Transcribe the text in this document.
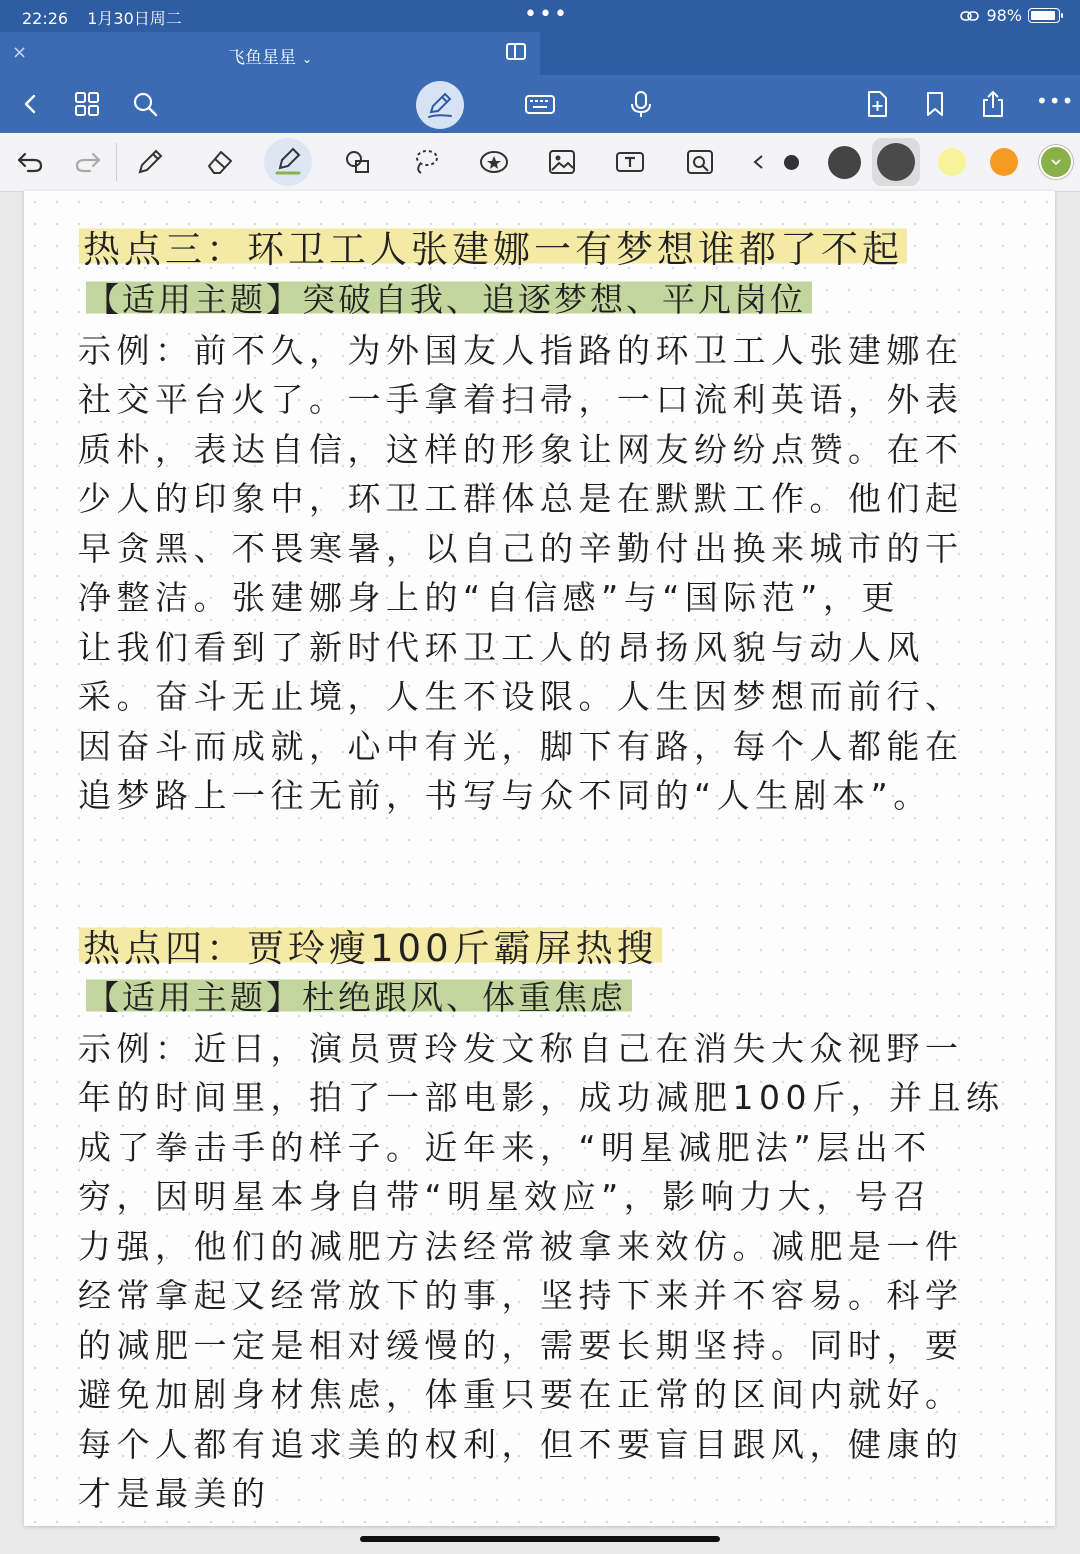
22:26 1月30日周二	•••	98%
×	飞鱼星星 ⌄
•••
热点三：环卫工人张建娜一有梦想谁都了不起
【适用主题】突破自我、追逐梦想、平凡岗位
示例：前不久，为外国友人指路的环卫工人张建娜在
社交平台火了。一手拿着扫帚，一口流利英语，外表
质朴，表达自信，这样的形象让网友纷纷点赞。在不
少人的印象中，环卫工群体总是在默默工作。他们起
早贪黑、不畏寒暑，以自己的辛勤付出换来城市的干
净整洁。张建娜身上的“自信感”与“国际范”，更
让我们看到了新时代环卫工人的昂扬风貌与动人风
采。奋斗无止境，人生不设限。人生因梦想而前行、
因奋斗而成就，心中有光，脚下有路，每个人都能在
追梦路上一往无前，书写与众不同的“人生剧本”。
热点四：贾玲瘦100斤霸屏热搜
【适用主题】杜绝跟风、体重焦虑
示例：近日，演员贾玲发文称自己在消失大众视野一
年的时间里，拍了一部电影，成功减肥100斤，并且练
成了拳击手的样子。近年来，“明星减肥法”层出不
穷，因明星本身自带“明星效应”，影响力大，号召
力强，他们的减肥方法经常被拿来效仿。减肥是一件
经常拿起又经常放下的事，坚持下来并不容易。科学
的减肥一定是相对缓慢的，需要长期坚持。同时，要
避免加剧身材焦虑，体重只要在正常的区间内就好。
每个人都有追求美的权利，但不要盲目跟风，健康的
才是最美的
